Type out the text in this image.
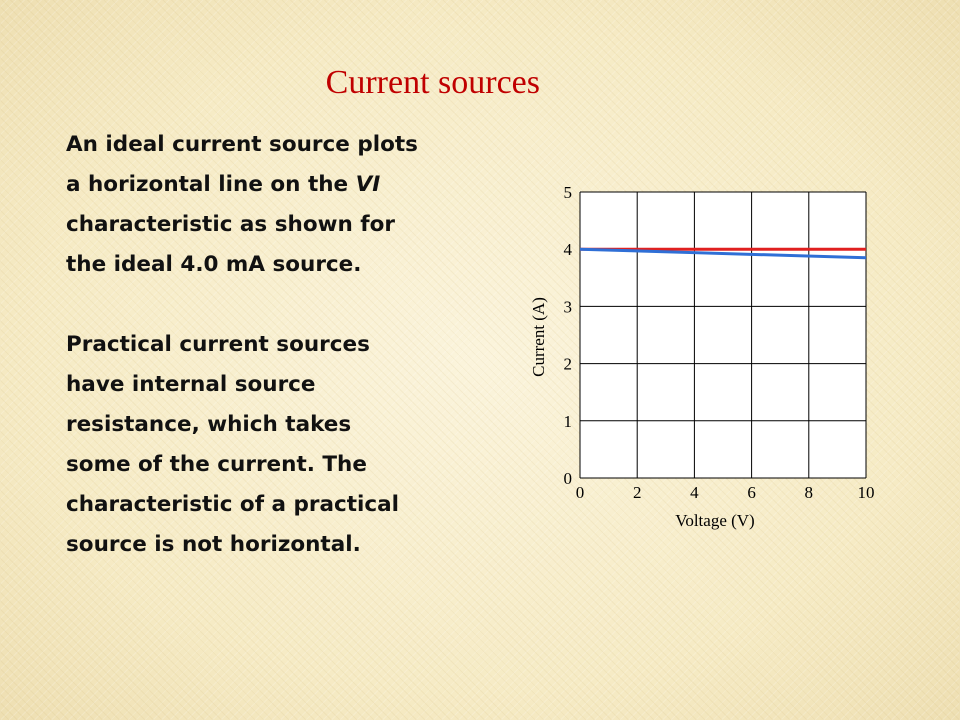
Current sources
An ideal current source plots
a horizontal line on the VI
characteristic as shown for
the ideal 4.0 mA source.
Practical current sources
have internal source
resistance, which takes
some of the current. The
characteristic of a practical
source is not horizontal.
0	2	4	6	8	10
0
1
2
3
4
5
Voltage (V)
Current (A)
